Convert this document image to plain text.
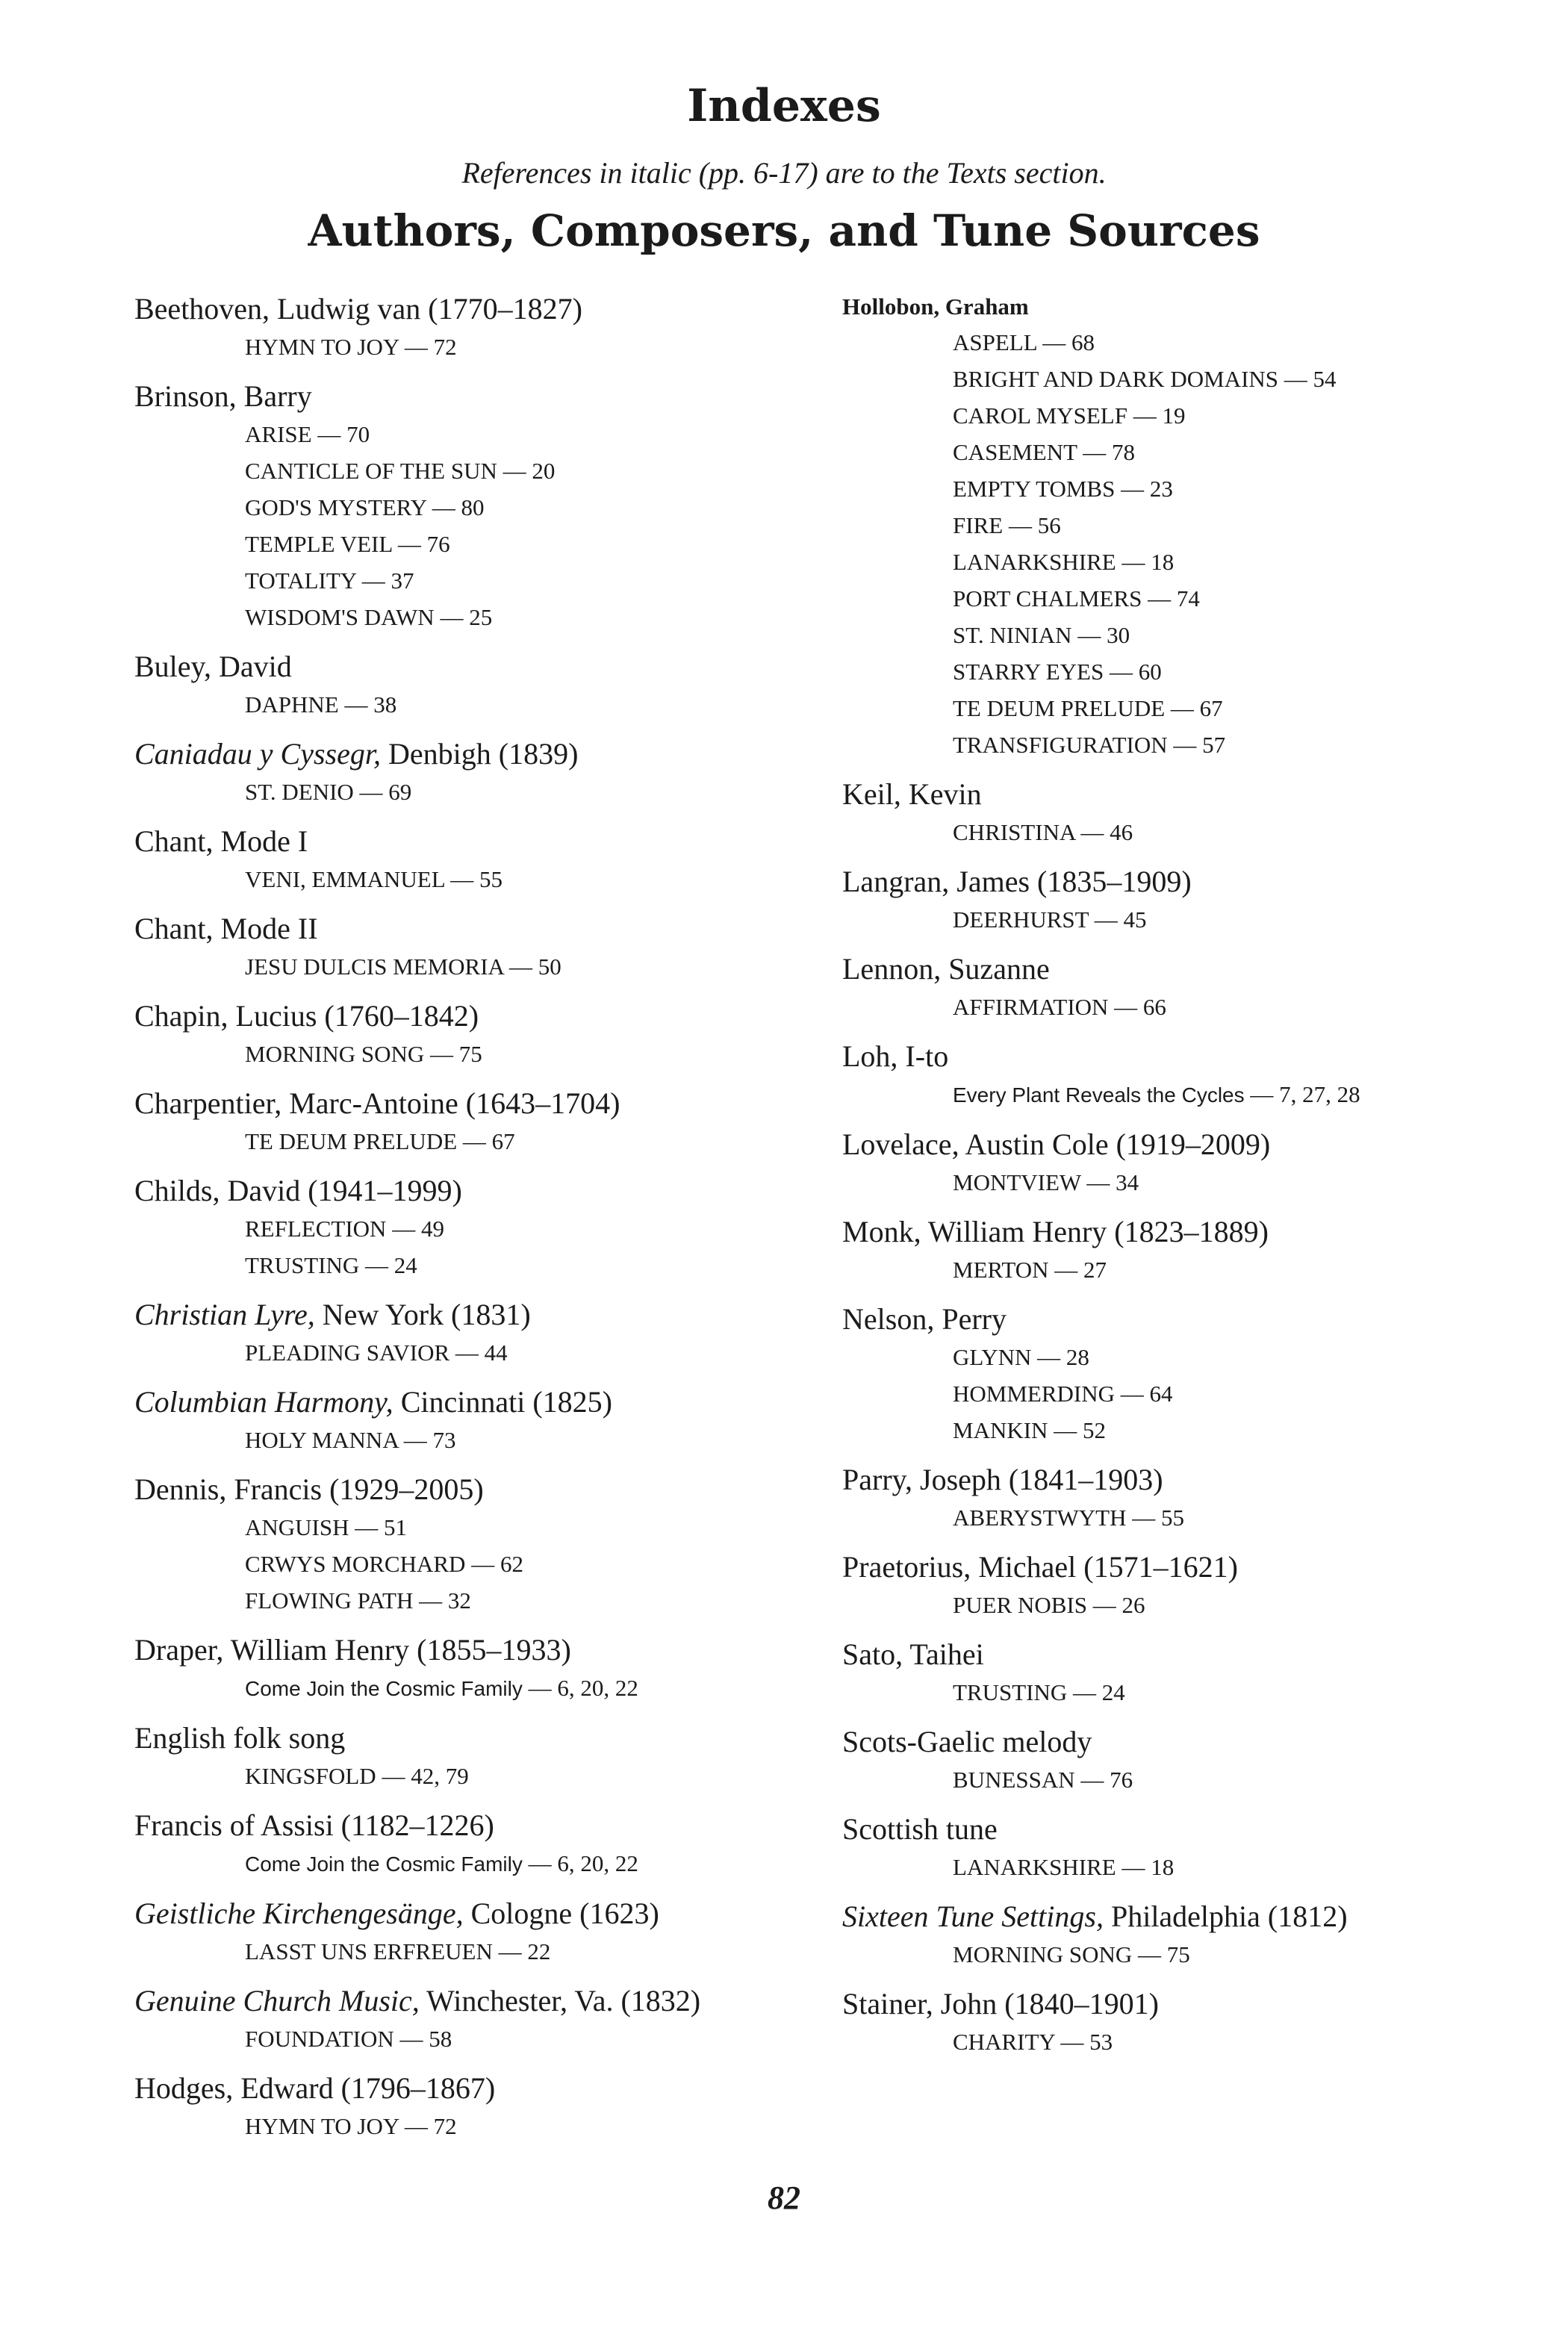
Indexes
References in italic (pp. 6-17) are to the Texts section.
Authors, Composers, and Tune Sources
Beethoven, Ludwig van (1770–1827)
HYMN TO JOY — 72
Brinson, Barry
ARISE — 70
CANTICLE OF THE SUN — 20
GOD'S MYSTERY — 80
TEMPLE VEIL — 76
TOTALITY — 37
WISDOM'S DAWN — 25
Buley, David
DAPHNE — 38
Caniadau y Cyssegr, Denbigh (1839)
ST. DENIO — 69
Chant, Mode I
VENI, EMMANUEL — 55
Chant, Mode II
JESU DULCIS MEMORIA — 50
Chapin, Lucius (1760–1842)
MORNING SONG — 75
Charpentier, Marc-Antoine (1643–1704)
TE DEUM PRELUDE — 67
Childs, David (1941–1999)
REFLECTION — 49
TRUSTING — 24
Christian Lyre, New York (1831)
PLEADING SAVIOR — 44
Columbian Harmony, Cincinnati (1825)
HOLY MANNA — 73
Dennis, Francis (1929–2005)
ANGUISH — 51
CRWYS MORCHARD — 62
FLOWING PATH — 32
Draper, William Henry (1855–1933)
Come Join the Cosmic Family — 6, 20, 22
English folk song
KINGSFOLD — 42, 79
Francis of Assisi (1182–1226)
Come Join the Cosmic Family — 6, 20, 22
Geistliche Kirchengesänge, Cologne (1623)
LASST UNS ERFREUEN — 22
Genuine Church Music, Winchester, Va. (1832)
FOUNDATION — 58
Hodges, Edward (1796–1867)
HYMN TO JOY — 72
Hollobon, Graham
ASPELL — 68
BRIGHT AND DARK DOMAINS — 54
CAROL MYSELF — 19
CASEMENT — 78
EMPTY TOMBS — 23
FIRE — 56
LANARKSHIRE — 18
PORT CHALMERS — 74
ST. NINIAN — 30
STARRY EYES — 60
TE DEUM PRELUDE — 67
TRANSFIGURATION — 57
Keil, Kevin
CHRISTINA — 46
Langran, James (1835–1909)
DEERHURST — 45
Lennon, Suzanne
AFFIRMATION — 66
Loh, I-to
Every Plant Reveals the Cycles — 7, 27, 28
Lovelace, Austin Cole (1919–2009)
MONTVIEW — 34
Monk, William Henry (1823–1889)
MERTON — 27
Nelson, Perry
GLYNN — 28
HOMMERDING — 64
MANKIN — 52
Parry, Joseph (1841–1903)
ABERYSTWYTH — 55
Praetorius, Michael (1571–1621)
PUER NOBIS — 26
Sato, Taihei
TRUSTING — 24
Scots-Gaelic melody
BUNESSAN — 76
Scottish tune
LANARKSHIRE — 18
Sixteen Tune Settings, Philadelphia (1812)
MORNING SONG — 75
Stainer, John (1840–1901)
CHARITY — 53
82
